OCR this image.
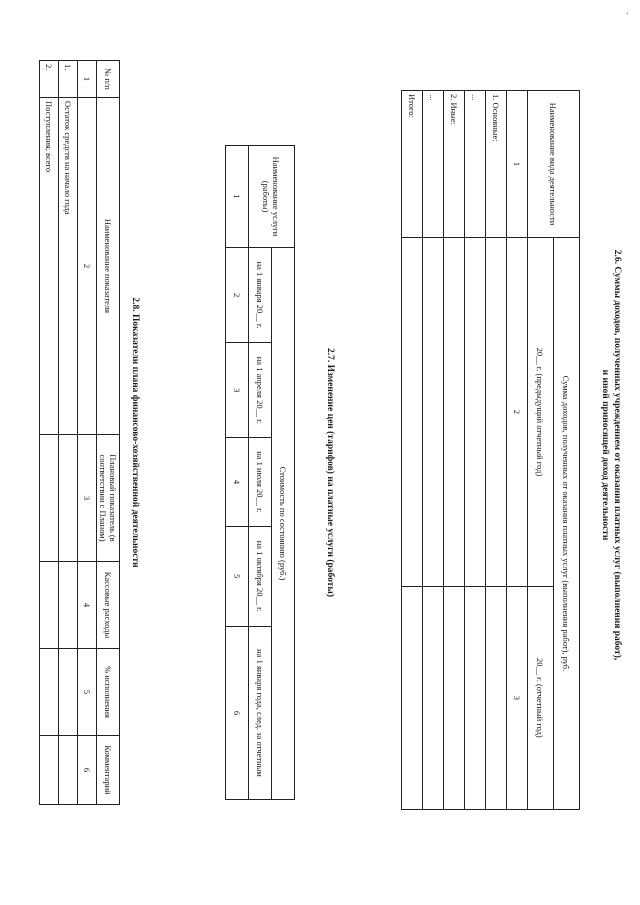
2.6. Суммы доходов, полученных учреждением от оказания платных услуг (выполнения работ),
и иной приносящей доход деятельности
Наименование вида деятельности	Сумма доходов, полученных от оказания платных услуг (выполнения работ), руб.	
	20__ г. (предыдущий отчетный год)	20__ г. (отчетный год)
1	2	3
1. Основные:		
...		
2. Иные:		
...		
Итого:		
2.7. Изменение цен (тарифов) на платные услуги (работы)
Наименование услуги (работы)	Стоимость по состоянию (руб.)				
	на 1 января 20__ г.	на 1 апреля 20__ г.	на 1 июля 20__ г.	на 1 октября 20__ г.	на 1 января года, след. за отчетным
1	2	3	4	5	6
2.8. Показатели плана финансово-хозяйственной деятельности
№ п/п	Наименование показателя	Плановый показатель (в соответствии с Планом)	Кассовые расходы	% исполнения	Комментарий
1	2	3	4	5	6
1.	Остаток средств на начало года				
2.	Поступления, всего				
-
